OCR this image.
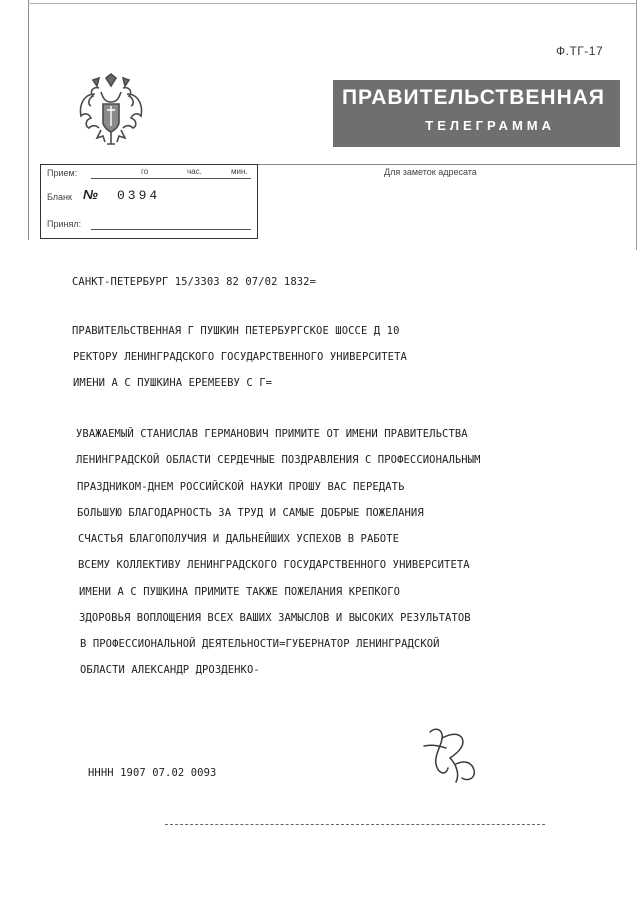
Ф.ТГ-17
ПРАВИТЕЛЬСТВЕННАЯ
ТЕЛЕГРАММА
Для заметок адресата
Прием:	го	час.	мин.
Бланк № 0394
Принял:
САНКТ-ПЕТЕРБУРГ 15/3303 82 07/02 1832=
ПРАВИТЕЛЬСТВЕННАЯ Г ПУШКИН ПЕТЕРБУРГСКОЕ ШОССЕ Д 10
РЕКТОРУ ЛЕНИНГРАДСКОГО ГОСУДАРСТВЕННОГО УНИВЕРСИТЕТА
ИМЕНИ А С ПУШКИНА ЕРЕМЕЕВУ С Г=
УВАЖАЕМЫЙ СТАНИСЛАВ ГЕРМАНОВИЧ ПРИМИТЕ ОТ ИМЕНИ ПРАВИТЕЛЬСТВА
ЛЕНИНГРАДСКОЙ ОБЛАСТИ СЕРДЕЧНЫЕ ПОЗДРАВЛЕНИЯ С ПРОФЕССИОНАЛЬНЫМ
ПРАЗДНИКОМ-ДНЕМ РОССИЙСКОЙ НАУКИ ПРОШУ ВАС ПЕРЕДАТЬ
БОЛЬШУЮ БЛАГОДАРНОСТЬ ЗА ТРУД И САМЫЕ ДОБРЫЕ ПОЖЕЛАНИЯ
СЧАСТЬЯ БЛАГОПОЛУЧИЯ И ДАЛЬНЕЙШИХ УСПЕХОВ В РАБОТЕ
ВСЕМУ КОЛЛЕКТИВУ ЛЕНИНГРАДСКОГО ГОСУДАРСТВЕННОГО УНИВЕРСИТЕТА
ИМЕНИ А С ПУШКИНА ПРИМИТЕ ТАКЖЕ ПОЖЕЛАНИЯ КРЕПКОГО
ЗДОРОВЬЯ ВОПЛОЩЕНИЯ ВСЕХ ВАШИХ ЗАМЫСЛОВ И ВЫСОКИХ РЕЗУЛЬТАТОВ
В ПРОФЕССИОНАЛЬНОЙ ДЕЯТЕЛЬНОСТИ=ГУБЕРНАТОР ЛЕНИНГРАДСКОЙ
ОБЛАСТИ АЛЕКСАНДР ДРОЗДЕНКО-
НННН 1907 07.02 0093
